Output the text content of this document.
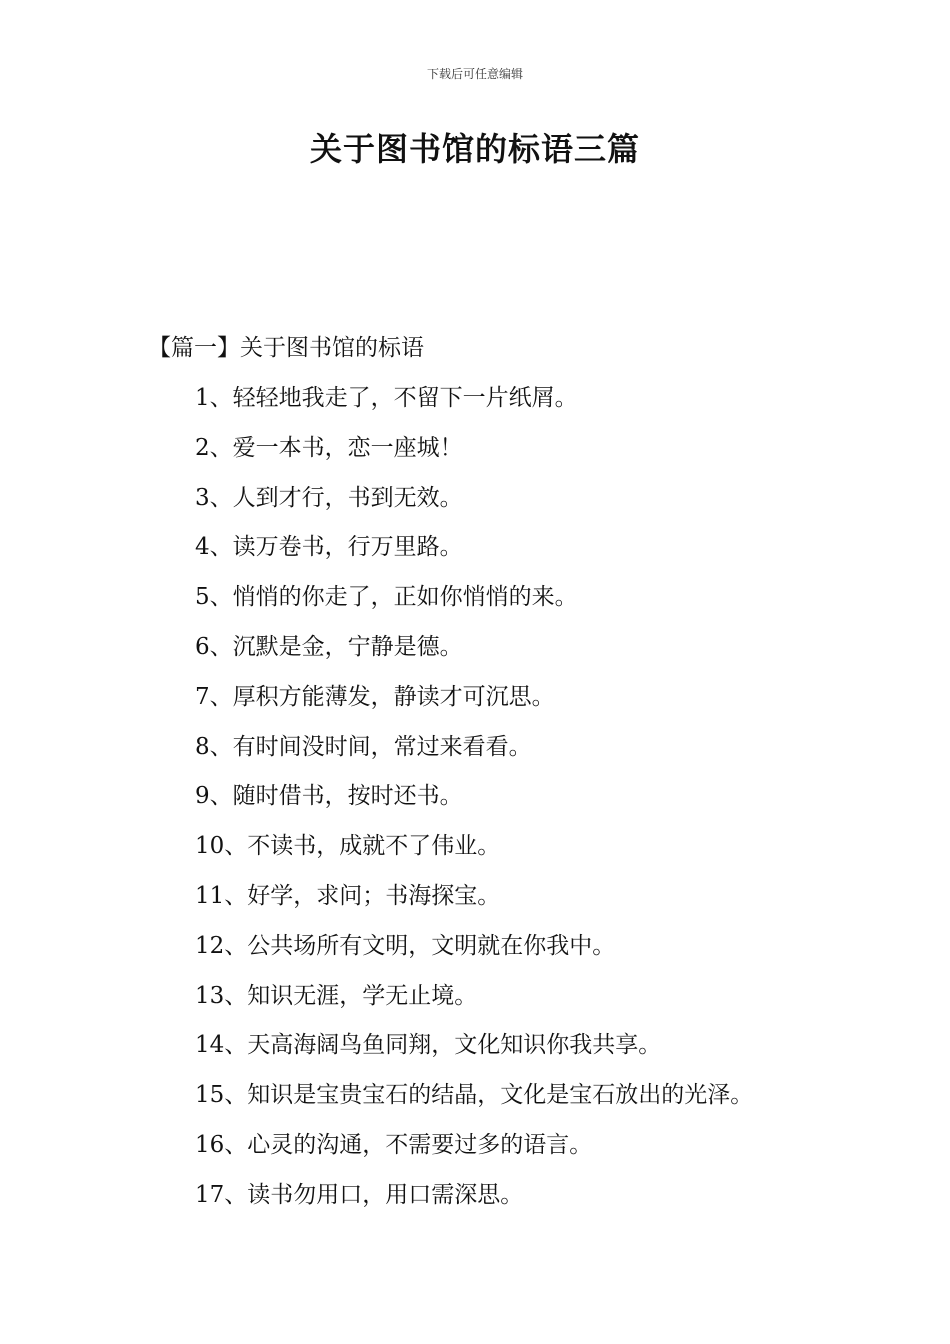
下载后可任意编辑
关于图书馆的标语三篇
【篇一】关于图书馆的标语
1、轻轻地我走了，不留下一片纸屑。
2、爱一本书，恋一座城！
3、人到才行，书到无效。
4、读万卷书，行万里路。
5、悄悄的你走了，正如你悄悄的来。
6、沉默是金，宁静是德。
7、厚积方能薄发，静读才可沉思。
8、有时间没时间，常过来看看。
9、随时借书，按时还书。
10、不读书，成就不了伟业。
11、好学，求问；书海探宝。
12、公共场所有文明，文明就在你我中。
13、知识无涯，学无止境。
14、天高海阔鸟鱼同翔，文化知识你我共享。
15、知识是宝贵宝石的结晶，文化是宝石放出的光泽。
16、心灵的沟通，不需要过多的语言。
17、读书勿用口，用口需深思。
